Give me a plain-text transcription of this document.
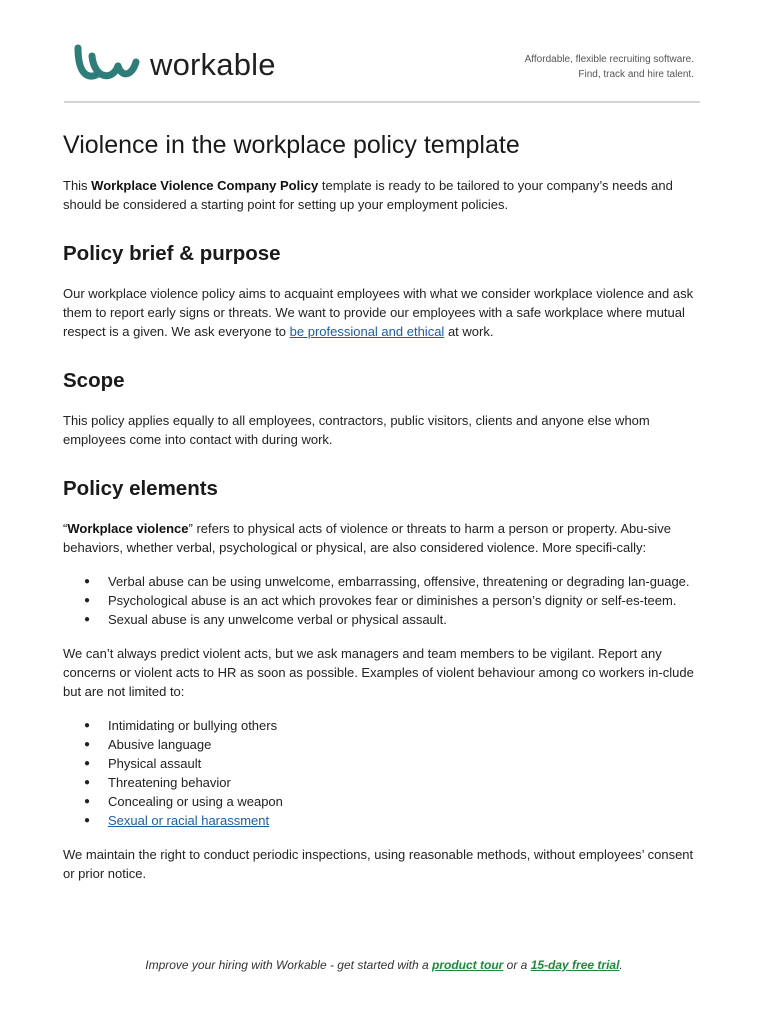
workable	Affordable, flexible recruiting software.
Find, track and hire talent.
Violence in the workplace policy template

This Workplace Violence Company Policy template is ready to be tailored to your company’s needs and should be considered a starting point for setting up your employment policies.

Policy brief & purpose

Our workplace violence policy aims to acquaint employees with what we consider workplace violence and ask them to report early signs or threats. We want to provide our employees with a safe workplace where mutual respect is a given. We ask everyone to be professional and ethical at work.

Scope

This policy applies equally to all employees, contractors, public visitors, clients and anyone else whom employees come into contact with during work.

Policy elements

“Workplace violence” refers to physical acts of violence or threats to harm a person or property. Abu-sive behaviors, whether verbal, psychological or physical, are also considered violence. More specifi-cally:

● Verbal abuse can be using unwelcome, embarrassing, offensive, threatening or degrading lan-guage.
● Psychological abuse is an act which provokes fear or diminishes a person’s dignity or self-es-teem.
● Sexual abuse is any unwelcome verbal or physical assault.

We can’t always predict violent acts, but we ask managers and team members to be vigilant. Report any concerns or violent acts to HR as soon as possible. Examples of violent behaviour among co workers in-clude but are not limited to:

● Intimidating or bullying others
● Abusive language
● Physical assault
● Threatening behavior
● Concealing or using a weapon
● Sexual or racial harassment

We maintain the right to conduct periodic inspections, using reasonable methods, without employees’ consent or prior notice.

Improve your hiring with Workable - get started with a product tour or a 15-day free trial.
